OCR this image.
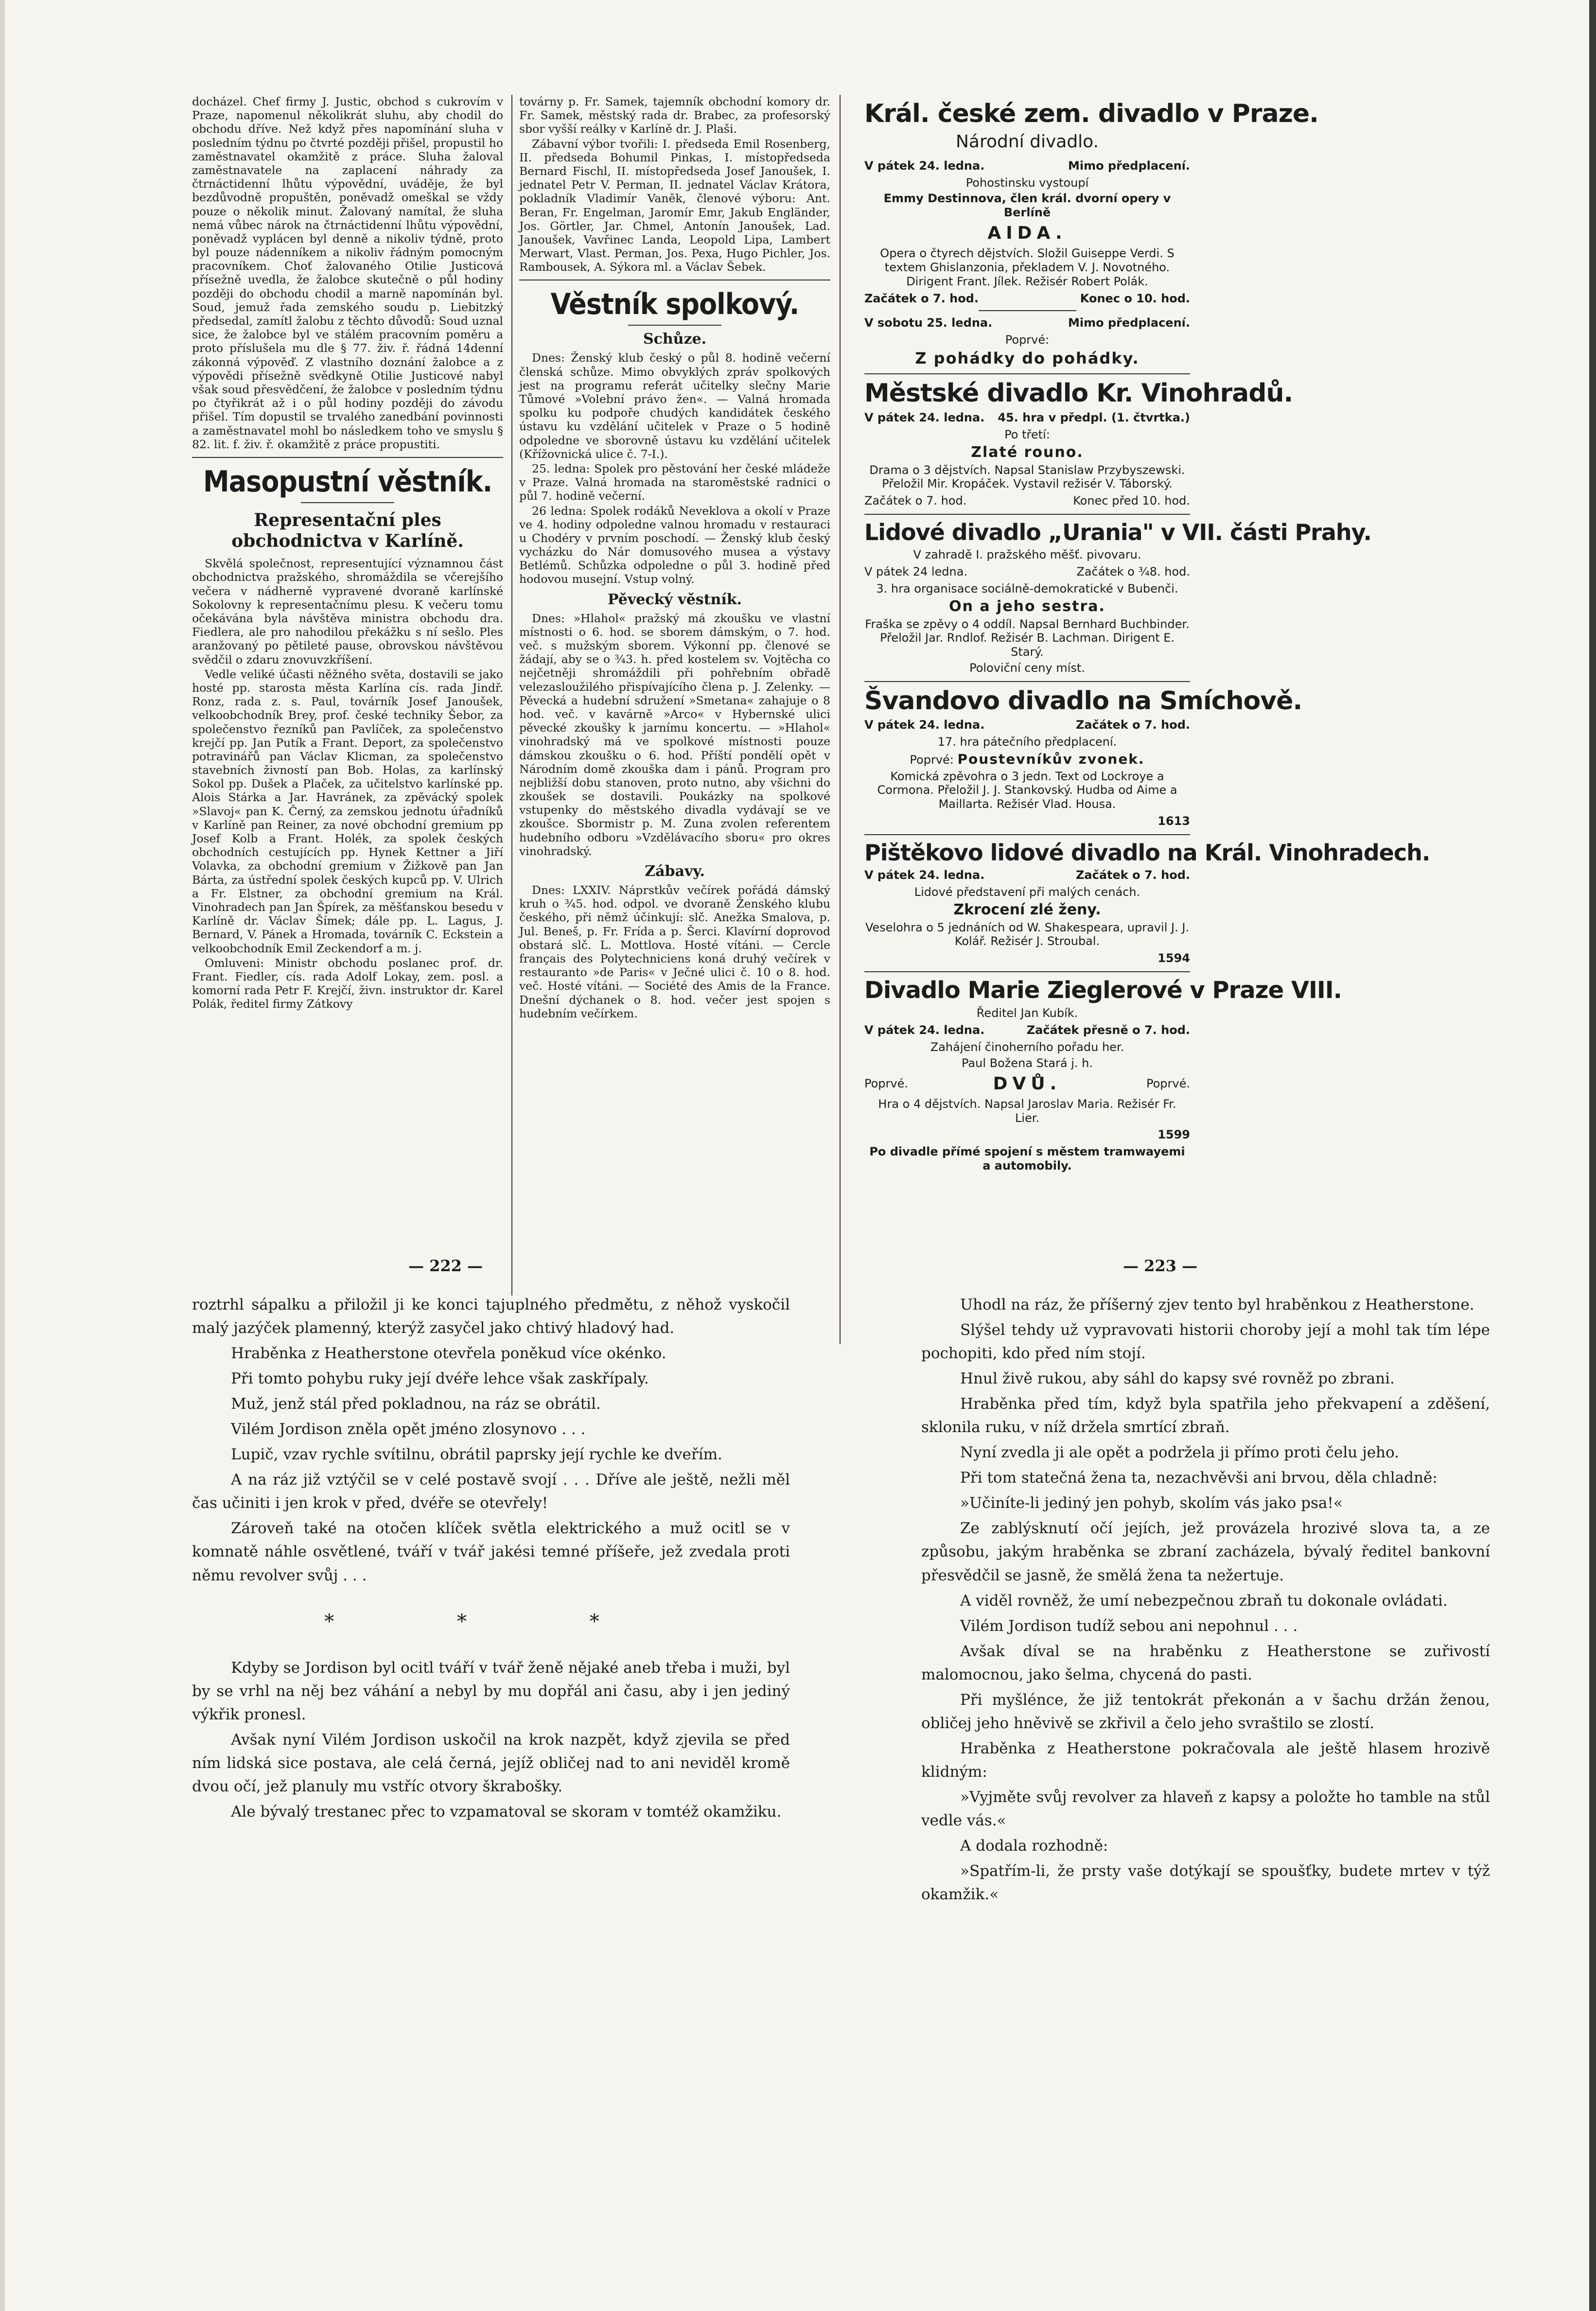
docházel. Chef firmy J. Justic, obchod s cukrovím v Praze, napomenul několikrát sluhu, aby chodil do obchodu dříve. Než když přes napomínání sluha v posledním týdnu po čtvrté později přišel, propustil ho zaměstnavatel okamžitě z práce. Sluha žaloval zaměstnavatele na zaplacení náhrady za čtrnáctidenní lhůtu výpovědní, uváděje, že byl bezdůvodně propuštěn, poněvadž omeškal se vždy pouze o několik minut. Žalovaný namítal, že sluha nemá vůbec nárok na čtrnáctidenní lhůtu výpovědní, poněvadž vyplácen byl denně a nikoliv týdně, proto byl pouze nádenníkem a nikoliv řádným pomocným pracovníkem. Choť žalovaného Otilie Justicová přísežně uvedla, že žalobce skutečně o půl hodiny později do obchodu chodil a marně napomínán byl. Soud, jemuž řada zemského soudu p. Liebitzký předsedal, zamítl žalobu z těchto důvodů: Soud uznal sice, že žalobce byl ve stálém pracovním poměru a proto příslušela mu dle § 77. živ. ř. řádná 14denní zákonná výpověď. Z vlastního doznání žalobce a z výpovědi přísežně svědkyně Otilie Justicové nabyl však soud přesvědčení, že žalobce v posledním týdnu po čtyřikrát až i o půl hodiny později do závodu přišel. Tím dopustil se trvalého zanedbání povinnosti a zaměstnavatel mohl bo následkem toho ve smyslu § 82. lit. f. živ. ř. okamžitě z práce propustiti.

Masopustní věstník.
Representační ples obchodnictva v Karlíně.

Skvělá společnost, representující významnou část obchodnictva pražského, shromáždila se včerejšího večera v nádherně vypravené dvoraně karlínské Sokolovny k representačnímu plesu. K večeru tomu očekávána byla návštěva ministra obchodu dra. Fiedlera, ale pro nahodilou překážku s ní sešlo. Ples aranžovaný po pětileté pause, obrovskou návštěvou svědčil o zdaru znovuvzkříšení.

Vedle veliké účasti něžného světa, dostavili se jako hosté pp. starosta města Karlína cís. rada Jindř. Ronz, rada z. s. Paul, továrník Josef Janoušek, velkoobchodník Brey, prof. české techniky Šebor, za společenstvo řezníků pan Pavlíček, za společenstvo krejčí pp. Jan Putík a Frant. Deport, za společenstvo potravinářů pan Václav Klicman, za společenstvo stavebních živností pan Bob. Holas, za karlínský Sokol pp. Dušek a Plaček, za učitelstvo karlínské pp. Alois Stárka a Jar. Havránek, za zpěvácký spolek »Slavoj« pan K. Černý, za zemskou jednotu úřadníků v Karlíně pan Reiner, za nové obchodní gremium pp Josef Kolb a Frant. Holék, za spolek českých obchodních cestujících pp. Hynek Kettner a Jiří Volavka, za obchodní gremium v Žižkově pan Jan Bárta, za ústřední spolek českých kupců pp. V. Ulrich a Fr. Elstner, za obchodní gremium na Král. Vinohradech pan Jan Špírek, za měšťanskou besedu v Karlíně dr. Václav Šímek; dále pp. L. Lagus, J. Bernard, V. Pánek a Hromada, továrník C. Eckstein a velkoobchodník Emil Zeckendorf a m. j.

Omluveni: Ministr obchodu poslanec prof. dr. Frant. Fiedler, cís. rada Adolf Lokay, zem. posl. a komorní rada Petr F. Krejčí, živn. instruktor dr. Karel Polák, ředitel firmy Zátkovy

továrny p. Fr. Samek, tajemník obchodní komory dr. Fr. Samek, městský rada dr. Brabec, za profesorský sbor vyšší reálky v Karlíně dr. J. Plaši.

Zábavní výbor tvořili: I. předseda Emil Rosenberg, II. předseda Bohumil Pinkas, I. místopředseda Bernard Fischl, II. místopředseda Josef Janoušek, I. jednatel Petr V. Perman, II. jednatel Václav Krátora, pokladník Vladimír Vaněk, členové výboru: Ant. Beran, Fr. Engelman, Jaromír Emr, Jakub Engländer, Jos. Görtler, Jar. Chmel, Antonín Janoušek, Lad. Janoušek, Vavřinec Landa, Leopold Lipa, Lambert Merwart, Vlast. Perman, Jos. Pexa, Hugo Pichler, Jos. Rambousek, A. Sýkora ml. a Václav Šebek.

Věstník spolkový.
Schůze.

Dnes: Ženský klub český o půl 8. hodině večerní členská schůze. Mimo obvyklých zpráv spolkových jest na programu referát učitelky slečny Marie Tůmové »Volební právo žen«. — Valná hromada spolku ku podpoře chudých kandidátek českého ústavu ku vzdělání učitelek v Praze o 5 hodině odpoledne ve sborovně ústavu ku vzdělání učitelek (Křížovnická ulice č. 7-I.).

25. ledna: Spolek pro pěstování her české mládeže v Praze. Valná hromada na staroměstské radnici o půl 7. hodině večerní.

26 ledna: Spolek rodáků Neveklova a okolí v Praze ve 4. hodiny odpoledne valnou hromadu v restauraci u Chodéry v prvním poschodí. — Ženský klub český vycházku do Nár domusového musea a výstavy Betlémů. Schůzka odpoledne o půl 3. hodině před hodovou musejní. Vstup volný.

Pěvecký věstník.

Dnes: »Hlahol« pražský má zkoušku ve vlastní místnosti o 6. hod. se sborem dámským, o 7. hod. več. s mužským sborem. Výkonní pp. členové se žádají, aby se o ¾3. h. před kostelem sv. Vojtěcha co nejčetněji shromáždili při pohřebním obřadě velezasloužilého přispívajícího člena p. J. Zelenky. — Pěvecká a hudební sdružení »Smetana« zahajuje o 8 hod. več. v kavárně »Arco« v Hybernské ulici pěvecké zkoušky k jarnímu koncertu. — »Hlahol« vinohradský má ve spolkové místnosti pouze dámskou zkoušku o 6. hod. Příští pondělí opět v Národním domě zkouška dam i pánů. Program pro nejbližší dobu stanoven, proto nutno, aby všichni do zkoušek se dostavili. Poukázky na spolkové vstupenky do městského divadla vydávají se ve zkoušce. Sbormistr p. M. Zuna zvolen referentem hudebního odboru »Vzdělávacího sboru« pro okres vinohradský.

Zábavy.

Dnes: LXXIV. Náprstkův večírek pořádá dámský kruh o ¾5. hod. odpol. ve dvoraně Ženského klubu českého, při němž účinkují: slč. Anežka Smalova, p. Jul. Beneš, p. Fr. Frída a p. Šerci. Klavírní doprovod obstará slč. L. Mottlova. Hosté vítáni. — Cercle français des Polytechniciens koná druhý večírek v restauranto »de Paris« v Ječné ulici č. 10 o 8. hod. več. Hosté vítáni. — Société des Amis de la France. Dnešní dýchanek o 8. hod. večer jest spojen s hudebním večírkem.

Král. české zem. divadlo v Praze.
Národní divadlo.
V pátek 24. ledna.	Mimo předplacení.
Pohostinsku vystoupí
Emmy Destinnova, člen král. dvorní opery v Berlíně
AIDA.
Opera o čtyrech dějstvích. Složil Guiseppe Verdi. S textem Ghislanzonia, překladem V. J. Novotného. Dirigent Frant. Jílek. Režisér Robert Polák.
Začátek o 7. hod.	Konec o 10. hod.
V sobotu 25. ledna.	Mimo předplacení.
Poprvé:
Z pohádky do pohádky.
Městské divadlo Kr. Vinohradů.
V pátek 24. ledna. 45. hra v předpl. (1. čtvrtka.)
Po třetí:
Zlaté rouno.
Drama o 3 dějstvích. Napsal Stanislaw Przybyszewski. Přeložil Mir. Kropáček. Vystavil režisér V. Táborský.
Začátek o 7. hod.	Konec před 10. hod.
Lidové divadlo „Urania" v VII. části Prahy.
V zahradě I. pražského měšť. pivovaru.
V pátek 24 ledna.	Začátek o ¾8. hod.
3. hra organisace sociálně-demokratické v Bubenči.
On a jeho sestra.
Fraška se zpěvy o 4 oddíl. Napsal Bernhard Buchbinder. Přeložil Jar. Rndlof. Režisér B. Lachman. Dirigent E. Starý.
Poloviční ceny míst.
Švandovo divadlo na Smíchově.
V pátek 24. ledna.	Začátek o 7. hod.
17. hra pátečního předplacení.
Poprvé: Poustevníkův zvonek.
Komická zpěvohra o 3 jedn. Text od Lockroye a Cormona. Přeložil J. J. Stankovský. Hudba od Aime a Maillarta. Režisér Vlad. Housa.
1613
Pištěkovo lidové divadlo na Král. Vinohradech.
V pátek 24. ledna.	Začátek o 7. hod.
Lidové představení při malých cenách.
Zkrocení zlé ženy.
Veselohra o 5 jednáních od W. Shakespeara, upravil J. J. Kolář. Režisér J. Stroubal.
1594
Divadlo Marie Zieglerové v Praze VIII.
Ředitel Jan Kubík.
V pátek 24. ledna.	Začátek přesně o 7. hod.
Zahájení činoherního pořadu her.
Paul Božena Stará j. h.
Poprvé.	DVŮ.	Poprvé.
Hra o 4 dějstvích. Napsal Jaroslav Maria. Režisér Fr. Lier.
1599
Po divadle přímé spojení s městem tramwayemi a automobily.
— 222 —	— 223 —

roztrhl sápalku a přiložil ji ke konci tajuplného předmětu, z něhož vyskočil malý jazýček plamenný, kterýž zasyčel jako chtivý hladový had.

Hraběnka z Heatherstone otevřela poněkud více okénko.

Při tomto pohybu ruky její dvéře lehce však zaskřípaly.

Muž, jenž stál před pokladnou, na ráz se obrátil.

Vilém Jordison zněla opět jméno zlosynovo . . .

Lupič, vzav rychle svítilnu, obrátil paprsky její rychle ke dveřím.

A na ráz již vztýčil se v celé postavě svojí . . . Dříve ale ještě, nežli měl čas učiniti i jen krok v před, dvéře se otevřely!

Zároveň také na otočen klíček světla elektrického a muž ocitl se v komnatě náhle osvětlené, tváří v tvář jakési temné příšeře, jež zvedala proti němu revolver svůj . . .

* * *

Kdyby se Jordison byl ocitl tváří v tvář ženě nějaké aneb třeba i muži, byl by se vrhl na něj bez váhání a nebyl by mu dopřál ani času, aby i jen jediný výkřik pronesl.

Avšak nyní Vilém Jordison uskočil na krok nazpět, když zjevila se před ním lidská sice postava, ale celá černá, jejíž obličej nad to ani neviděl kromě dvou očí, jež planuly mu vstříc otvory škrabošky.

Ale bývalý trestanec přec to vzpamatoval se skoram v tomtéž okamžiku.

Uhodl na ráz, že příšerný zjev tento byl hraběnkou z Heatherstone.

Slýšel tehdy už vypravovati historii choroby její a mohl tak tím lépe pochopiti, kdo před ním stojí.

Hnul živě rukou, aby sáhl do kapsy své rovněž po zbrani.

Hraběnka před tím, když byla spatřila jeho překvapení a zděšení, sklonila ruku, v níž držela smrtící zbraň.

Nyní zvedla ji ale opět a podržela ji přímo proti čelu jeho.

Při tom statečná žena ta, nezachvěvši ani brvou, děla chladně:

»Učiníte-li jediný jen pohyb, skolím vás jako psa!«

Ze zablýsknutí očí jejích, jež provázela hrozivé slova ta, a ze způsobu, jakým hraběnka se zbraní zacházela, bývalý ředitel bankovní přesvědčil se jasně, že smělá žena ta nežertuje.

A viděl rovněž, že umí nebezpečnou zbraň tu dokonale ovládati.

Vilém Jordison tudíž sebou ani nepohnul . . .

Avšak díval se na hraběnku z Heatherstone se zuřivostí malomocnou, jako šelma, chycená do pasti.

Při myšlénce, že již tentokrát překonán a v šachu držán ženou, obličej jeho hněvivě se zkřivil a čelo jeho svraštilo se zlostí.

Hraběnka z Heatherstone pokračovala ale ještě hlasem hrozivě klidným:

»Vyjměte svůj revolver za hlaveň z kapsy a položte ho tamble na stůl vedle vás.«

A dodala rozhodně:

»Spatřím-li, že prsty vaše dotýkají se spoušťky, budete mrtev v týž okamžik.«
